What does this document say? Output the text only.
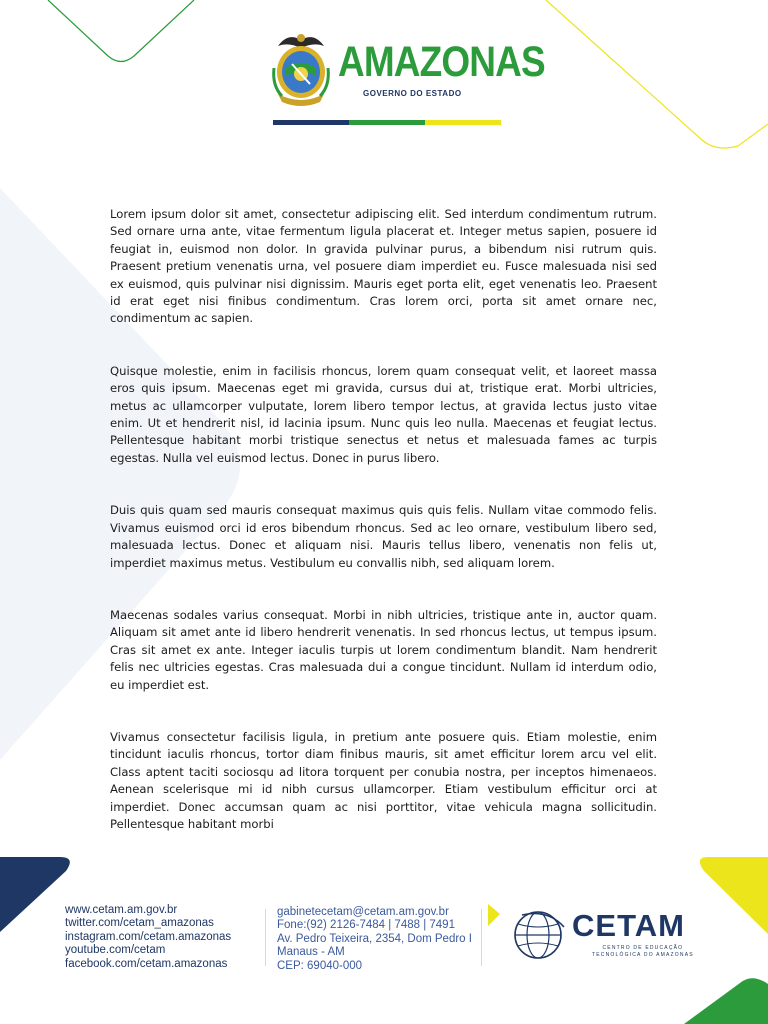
AMAZONAS
GOVERNO DO ESTADO

Lorem ipsum dolor sit amet, consectetur adipiscing elit. Sed interdum condimentum rutrum. Sed ornare urna ante, vitae fermentum ligula placerat et. Integer metus sapien, posuere id feugiat in, euismod non dolor. In gravida pulvinar purus, a bibendum nisi rutrum quis. Praesent pretium venenatis urna, vel posuere diam imperdiet eu. Fusce malesuada nisi sed ex euismod, quis pulvinar nisi dignissim. Mauris eget porta elit, eget venenatis leo. Praesent id erat eget nisi finibus condimentum. Cras lorem orci, porta sit amet ornare nec, condimentum ac sapien.

Quisque molestie, enim in facilisis rhoncus, lorem quam consequat velit, et laoreet massa eros quis ipsum. Maecenas eget mi gravida, cursus dui at, tristique erat. Morbi ultricies, metus ac ullamcorper vulputate, lorem libero tempor lectus, at gravida lectus justo vitae enim. Ut et hendrerit nisl, id lacinia ipsum. Nunc quis leo nulla. Maecenas et feugiat lectus. Pellentesque habitant morbi tristique senectus et netus et malesuada fames ac turpis egestas. Nulla vel euismod lectus. Donec in purus libero.

Duis quis quam sed mauris consequat maximus quis quis felis. Nullam vitae commodo felis. Vivamus euismod orci id eros bibendum rhoncus. Sed ac leo ornare, vestibulum libero sed, malesuada lectus. Donec et aliquam nisi. Mauris tellus libero, venenatis non felis ut, imperdiet maximus metus. Vestibulum eu convallis nibh, sed aliquam lorem.

Maecenas sodales varius consequat. Morbi in nibh ultricies, tristique ante in, auctor quam. Aliquam sit amet ante id libero hendrerit venenatis. In sed rhoncus lectus, ut tempus ipsum. Cras sit amet ex ante. Integer iaculis turpis ut lorem condimentum blandit. Nam hendrerit felis nec ultricies egestas. Cras malesuada dui a congue tincidunt. Nullam id interdum odio, eu imperdiet est.

Vivamus consectetur facilisis ligula, in pretium ante posuere quis. Etiam molestie, enim tincidunt iaculis rhoncus, tortor diam finibus mauris, sit amet efficitur lorem arcu vel elit. Class aptent taciti sociosqu ad litora torquent per conubia nostra, per inceptos himenaeos. Aenean scelerisque mi id nibh cursus ullamcorper. Etiam vestibulum efficitur orci at imperdiet. Donec accumsan quam ac nisi porttitor, vitae vehicula magna sollicitudin. Pellentesque habitant morbi

www.cetam.am.gov.br
twitter.com/cetam_amazonas
instagram.com/cetam.amazonas
youtube.com/cetam
facebook.com/cetam.amazonas
gabinetecetam@cetam.am.gov.br
Fone:(92) 2126-7484 | 7488 | 7491
Av. Pedro Teixeira, 2354, Dom Pedro I
Manaus - AM
CEP: 69040-000
CETAM
CENTRO DE EDUCAÇÃO
TECNOLÓGICA DO AMAZONAS
